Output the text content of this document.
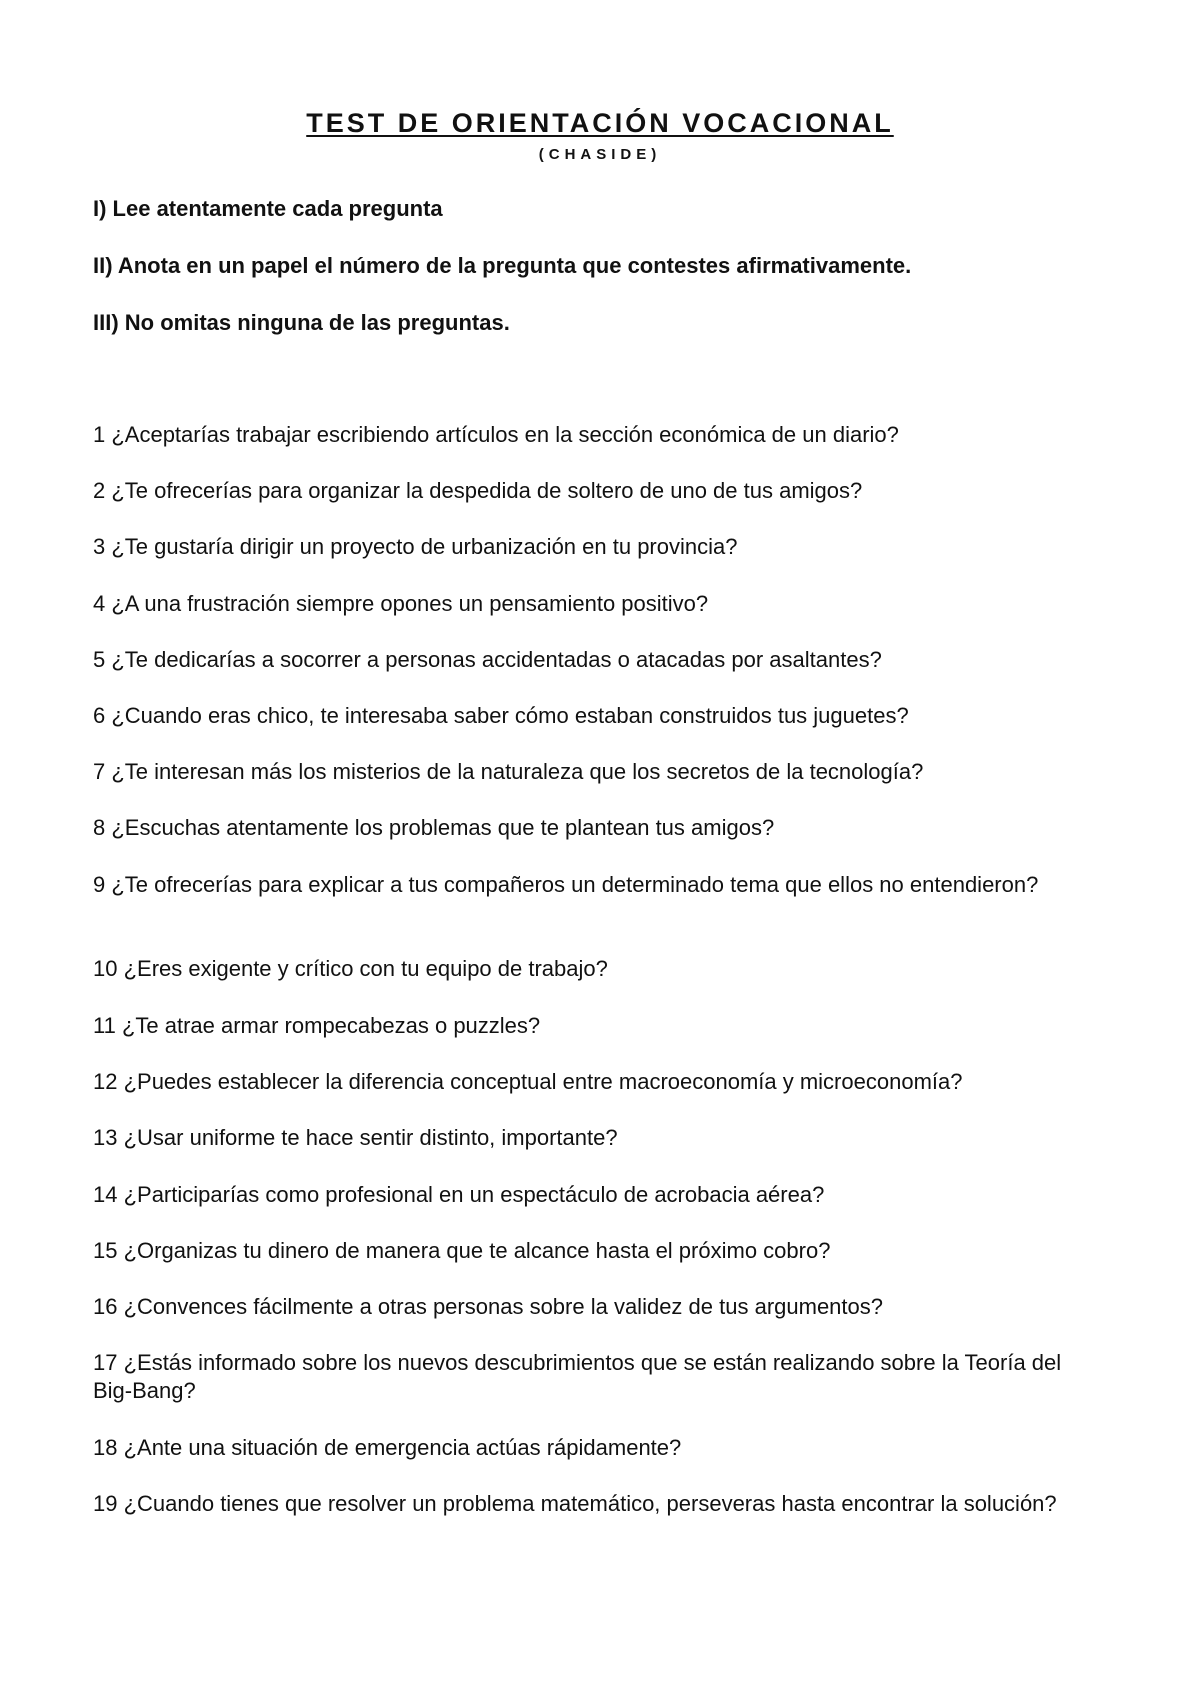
TEST DE ORIENTACIÓN VOCACIONAL
(CHASIDE)
I) Lee atentamente cada pregunta
II) Anota en un papel el número de la pregunta que contestes afirmativamente.
III) No omitas ninguna de las preguntas.
1 ¿Aceptarías trabajar escribiendo artículos en la sección económica de un diario?
2 ¿Te ofrecerías para organizar la despedida de soltero de uno de tus amigos?
3 ¿Te gustaría dirigir un proyecto de urbanización en tu provincia?
4 ¿A una frustración siempre opones un pensamiento positivo?
5 ¿Te dedicarías a socorrer a personas accidentadas o atacadas por asaltantes?
6 ¿Cuando eras chico, te interesaba saber cómo estaban construidos tus juguetes?
7 ¿Te interesan más los misterios de la naturaleza que los secretos de la tecnología?
8 ¿Escuchas atentamente los problemas que te plantean tus amigos?
9 ¿Te ofrecerías para explicar a tus compañeros un determinado tema que ellos no entendieron?
10 ¿Eres exigente y crítico con tu equipo de trabajo?
11 ¿Te atrae armar rompecabezas o puzzles?
12 ¿Puedes establecer la diferencia conceptual entre macroeconomía y microeconomía?
13 ¿Usar uniforme te hace sentir distinto, importante?
14 ¿Participarías como profesional en un espectáculo de acrobacia aérea?
15 ¿Organizas tu dinero de manera que te alcance hasta el próximo cobro?
16 ¿Convences fácilmente a otras personas sobre la validez de tus argumentos?
17 ¿Estás informado sobre los nuevos descubrimientos que se están realizando sobre la Teoría del Big-Bang?
18 ¿Ante una situación de emergencia actúas rápidamente?
19 ¿Cuando tienes que resolver un problema matemático, perseveras hasta encontrar la solución?
